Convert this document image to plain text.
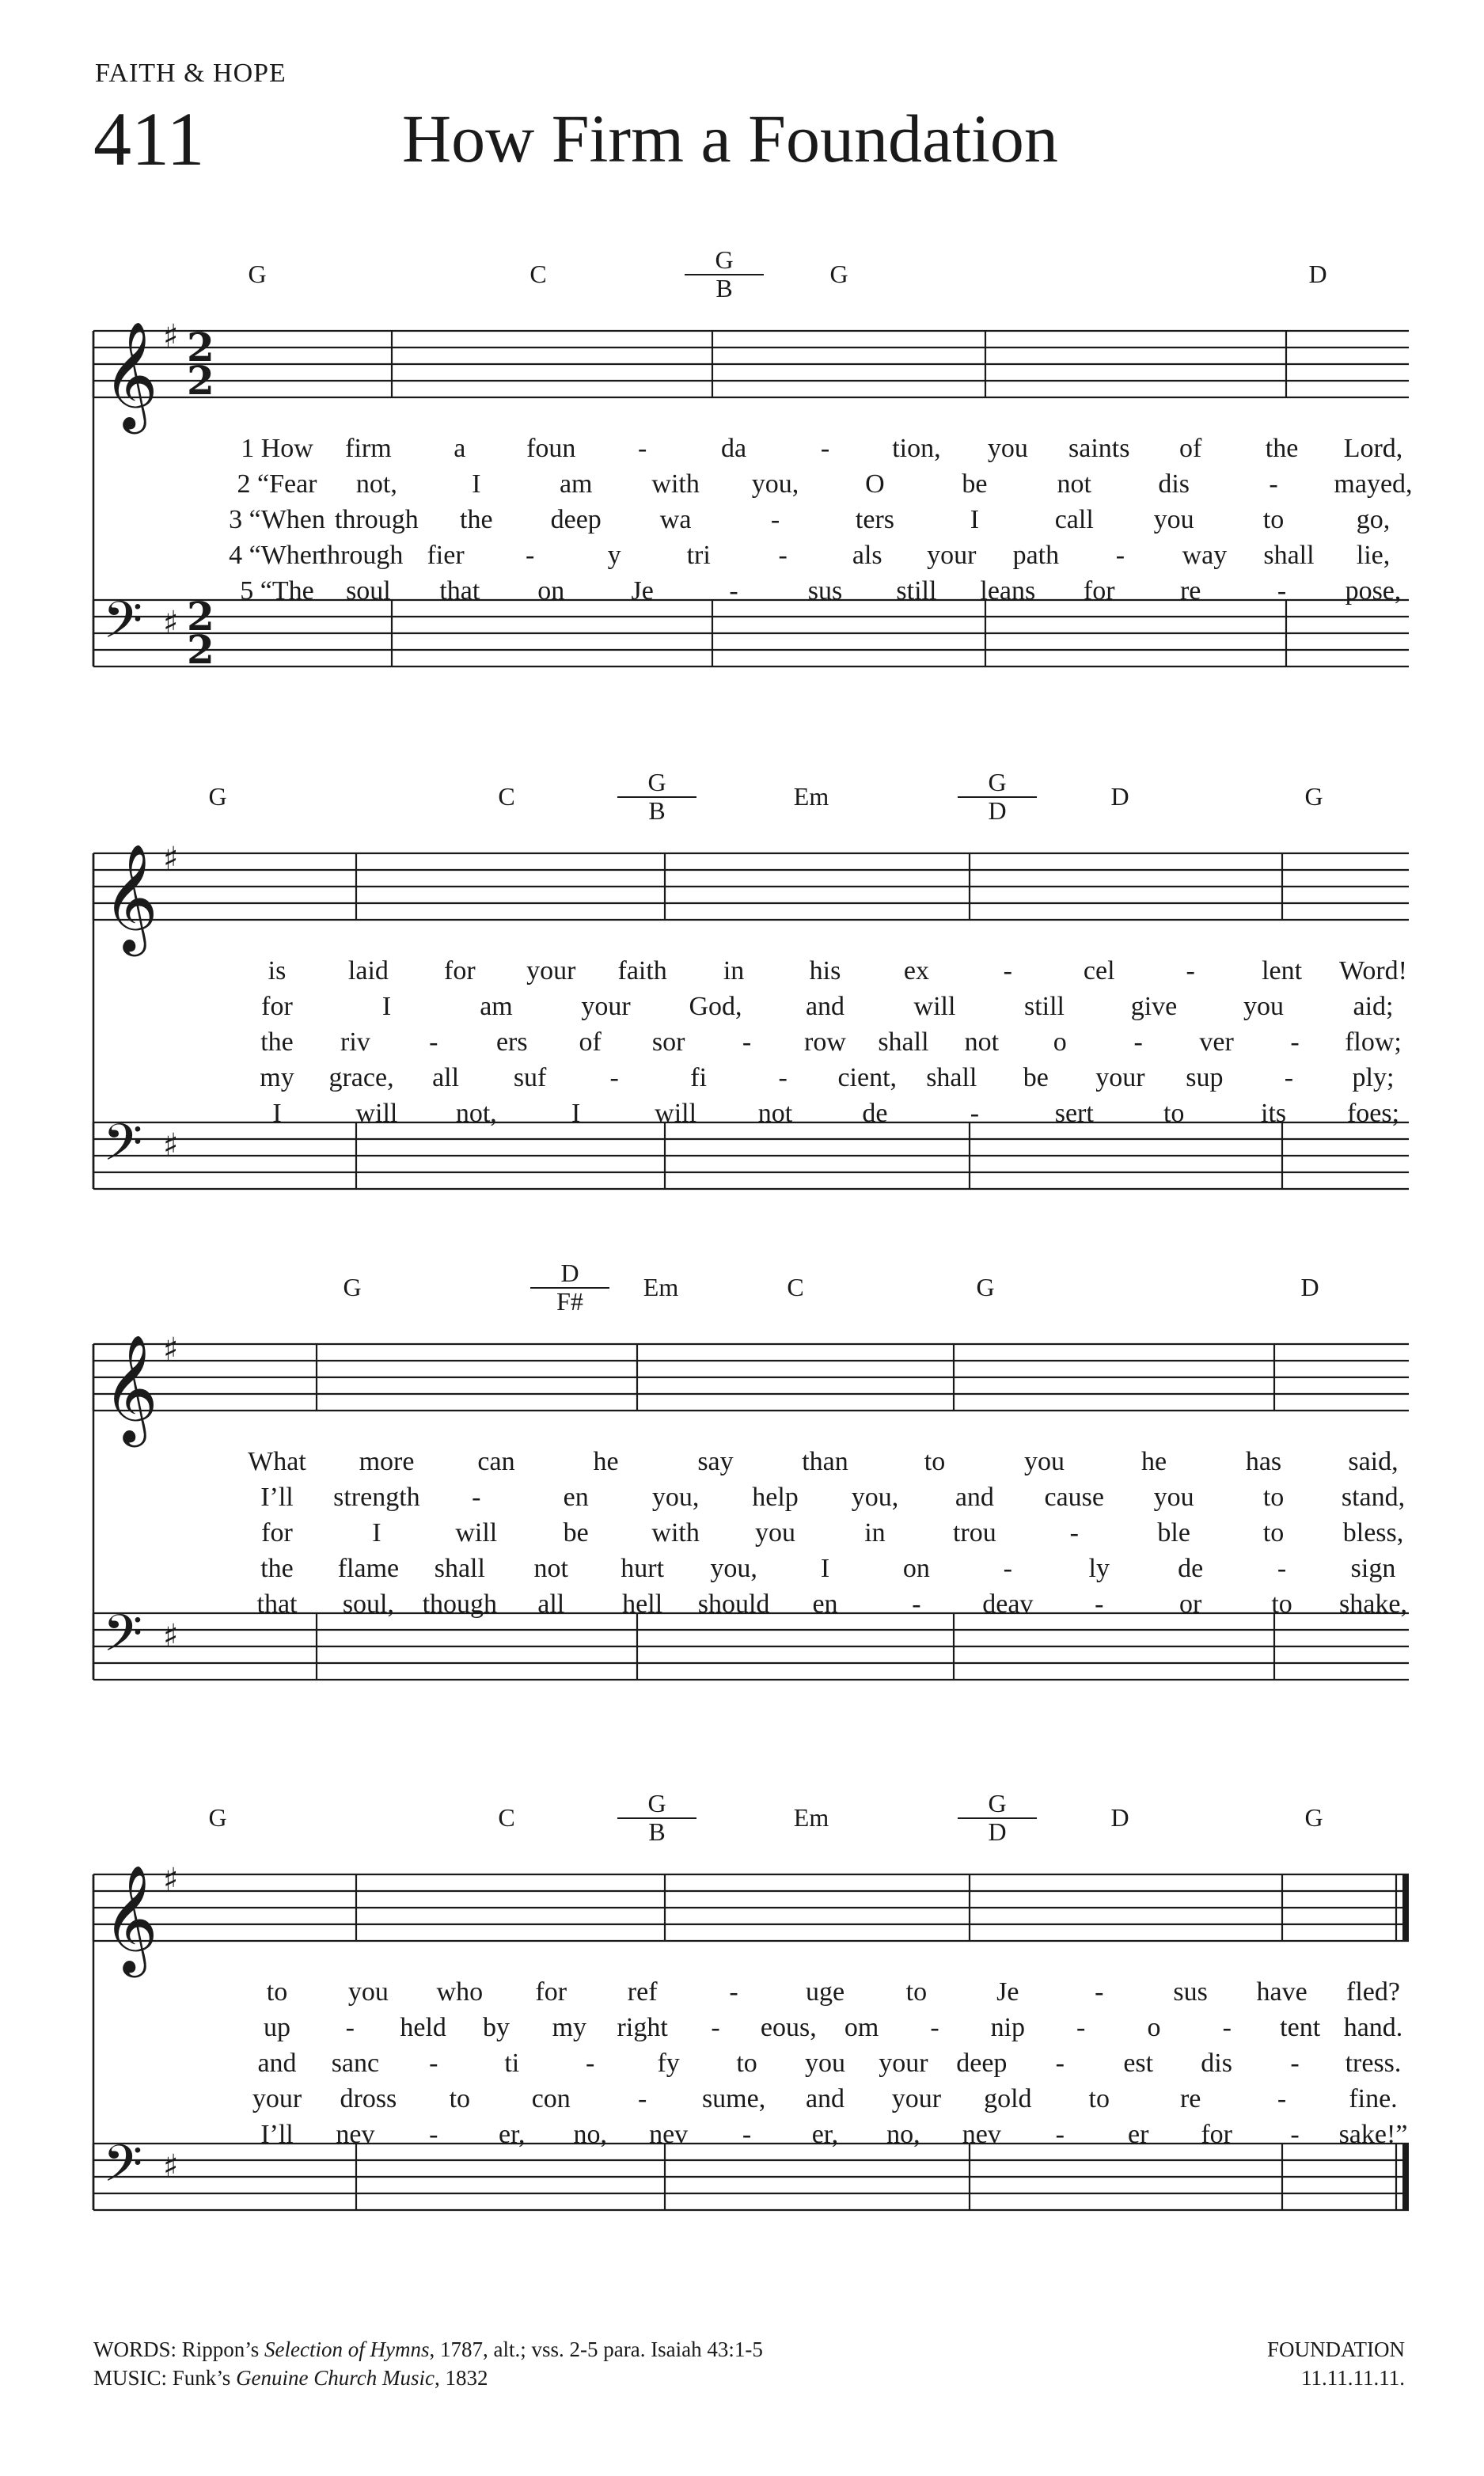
FAITH & HOPE
411	How Firm a Foundation
G	C	G
B	G	D
𝄞 ♯ 2
2
𝄢 ♯ 2
2
1 How	firm	a	foun	-	da	-	tion,	you	saints	of	the	Lord,
2 “Fear	not,	I	am	with	you,	O	be	not	dis	-	mayed,
3 “When through	the	deep	wa	-	ters	I	call	you	to	go,
4 “When
through fier	-	y	tri	-	als	your	path	-	way	shall	lie,
5 “The	soul	that	on	Je	-	sus	still	leans	for	re	-	pose,
G	C	G
B	Em	G
D	D	G
𝄞 ♯
𝄢 ♯
is	laid	for	your	faith	in	his	ex	-	cel	-	lent	Word!
for	I	am	your	God,	and	will	still	give	you	aid;
the	riv	-	ers	of	sor	-	row	shall	not	o	-	ver	-	flow;
my	grace,	all	suf	-	fi	-	cient,	shall	be	your	sup	-	ply;
I	will	not,	I	will	not	de	-	sert	to	its	foes;
G	D
F#	Em	C	G	D
𝄞 ♯
𝄢 ♯
What	more	can	he	say	than	to	you	he	has	said,
I’ll	strength	-	en	you,	help	you,	and	cause	you	to	stand,
for	I	will	be	with	you	in	trou	-	ble	to	bless,
the	flame	shall	not	hurt	you,	I	on	-	ly	de	-	sign
that	soul,	though	all	hell	should	en	-	deav	-	or	to	shake,
G	C	G
B	Em	G
D	D	G
𝄞 ♯
𝄢 ♯
to	you	who	for	ref	-	uge	to	Je	-	sus	have	fled?
up	-	held	by	my	right	-	eous,	om	-	nip	-	o	-	tent hand.
and	sanc	-	ti	-	fy	to	you	your	deep	-	est	dis	-	tress.
your	dross	to	con	-	sume,	and	your	gold	to	re	-	fine.
I’ll	nev	-	er,	no,	nev	-	er,	no,	nev	-	er	for	-	sake!”
WORDS: Rippon’s Selection of Hymns, 1787, alt.; vss. 2-5 para. Isaiah 43:1-5
MUSIC: Funk’s Genuine Church Music, 1832
FOUNDATION
11.11.11.11.
